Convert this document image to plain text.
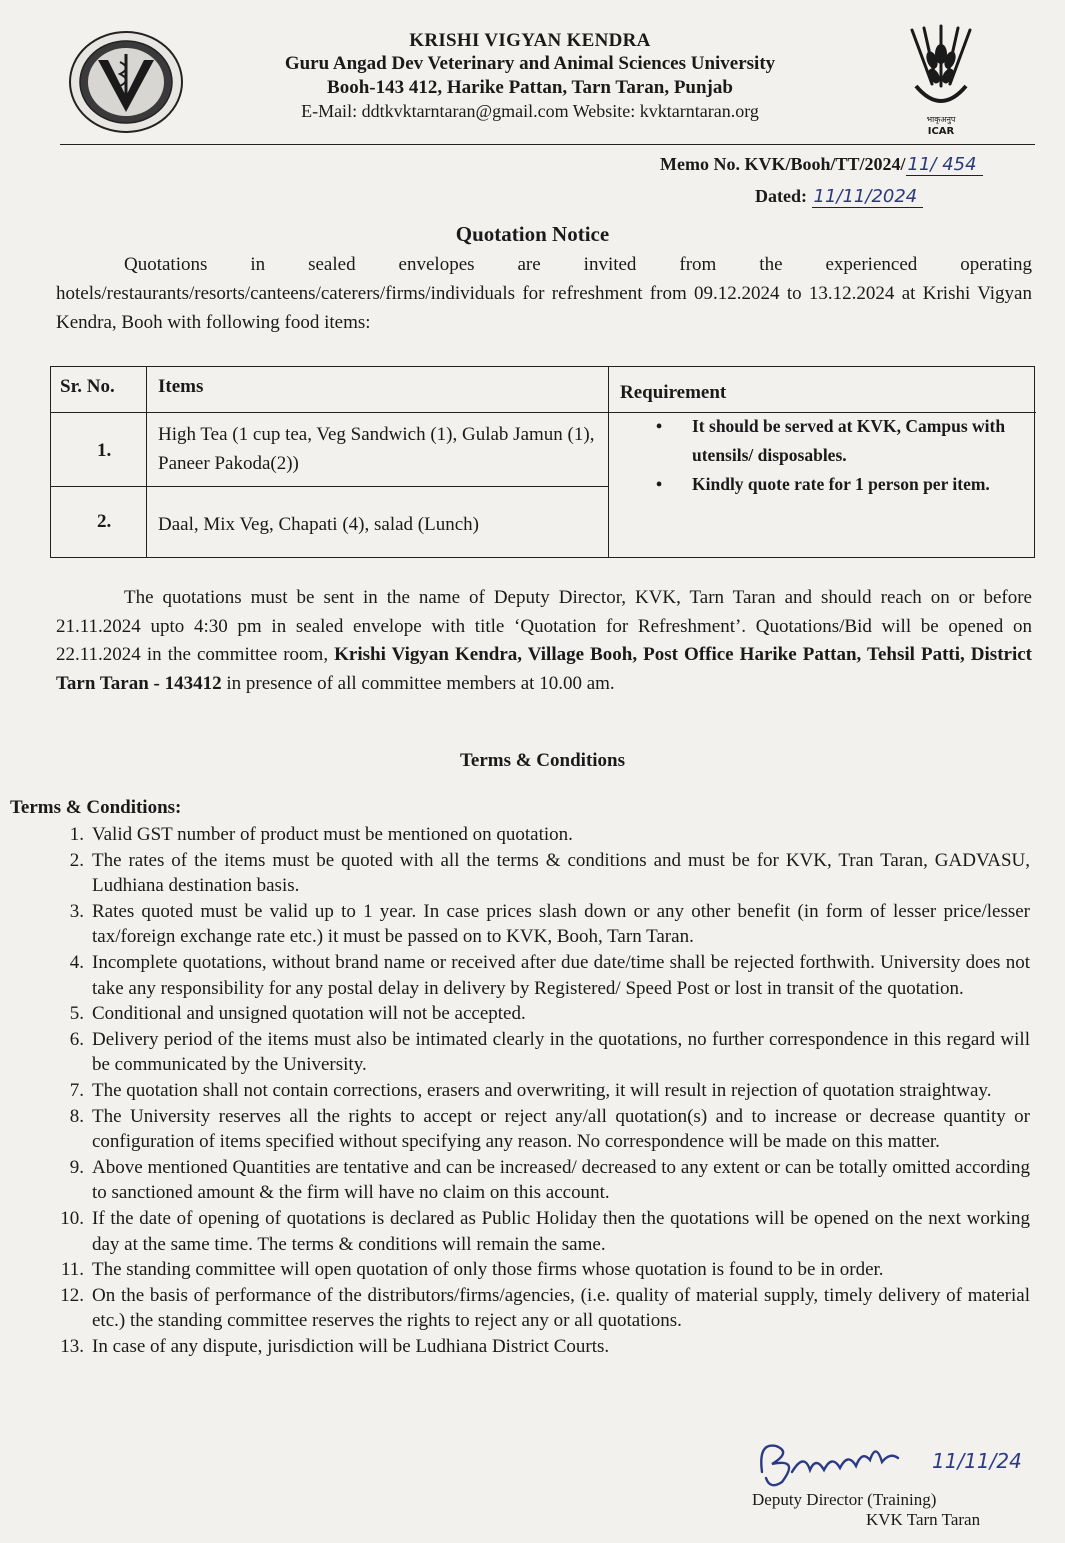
KRISHI VIGYAN KENDRA
Guru Angad Dev Veterinary and Animal Sciences University
Booh-143 412, Harike Pattan, Tarn Taran, Punjab
E-Mail: ddtkvktarntaran@gmail.com Website: kvktarntaran.org	भाकृअनुप
ICAR
Memo No. KVK/Booh/TT/2024/ 11/ 454
Dated: 11/11/2024
Quotation Notice
Quotations in sealed envelopes are invited from the experienced operating hotels/restaurants/resorts/canteens/caterers/firms/individuals for refreshment from 09.12.2024 to 13.12.2024 at Krishi Vigyan Kendra, Booh with following food items:
Sr. No. Items	Requirement
1.
High Tea (1 cup tea, Veg Sandwich (1), Gulab Jamun (1), Paneer Pakoda(2))
2. Daal, Mix Veg, Chapati (4), salad (Lunch)
• It should be served at KVK, Campus with utensils/ disposables.
• Kindly quote rate for 1 person per item.
The quotations must be sent in the name of Deputy Director, KVK, Tarn Taran and should reach on or before 21.11.2024 upto 4:30 pm in sealed envelope with title ‘Quotation for Refreshment’. Quotations/Bid will be opened on 22.11.2024 in the committee room, Krishi Vigyan Kendra, Village Booh, Post Office Harike Pattan, Tehsil Patti, District Tarn Taran - 143412 in presence of all committee members at 10.00 am.
Terms & Conditions
Terms & Conditions:
1. Valid GST number of product must be mentioned on quotation.
2. The rates of the items must be quoted with all the terms & conditions and must be for KVK, Tran Taran, GADVASU, Ludhiana destination basis.
3. Rates quoted must be valid up to 1 year. In case prices slash down or any other benefit (in form of lesser price/lesser tax/foreign exchange rate etc.) it must be passed on to KVK, Booh, Tarn Taran.
4. Incomplete quotations, without brand name or received after due date/time shall be rejected forthwith. University does not take any responsibility for any postal delay in delivery by Registered/ Speed Post or lost in transit of the quotation.
5. Conditional and unsigned quotation will not be accepted.
6. Delivery period of the items must also be intimated clearly in the quotations, no further correspondence in this regard will be communicated by the University.
7. The quotation shall not contain corrections, erasers and overwriting, it will result in rejection of quotation straightway.
8. The University reserves all the rights to accept or reject any/all quotation(s) and to increase or decrease quantity or configuration of items specified without specifying any reason. No correspondence will be made on this matter.
9. Above mentioned Quantities are tentative and can be increased/ decreased to any extent or can be totally omitted according to sanctioned amount & the firm will have no claim on this account.
10. If the date of opening of quotations is declared as Public Holiday then the quotations will be opened on the next working day at the same time. The terms & conditions will remain the same.
11. The standing committee will open quotation of only those firms whose quotation is found to be in order.
12. On the basis of performance of the distributors/firms/agencies, (i.e. quality of material supply, timely delivery of material etc.) the standing committee reserves the rights to reject any or all quotations.
13. In case of any dispute, jurisdiction will be Ludhiana District Courts.
11/11/24
Deputy Director (Training)
KVK Tarn Taran
